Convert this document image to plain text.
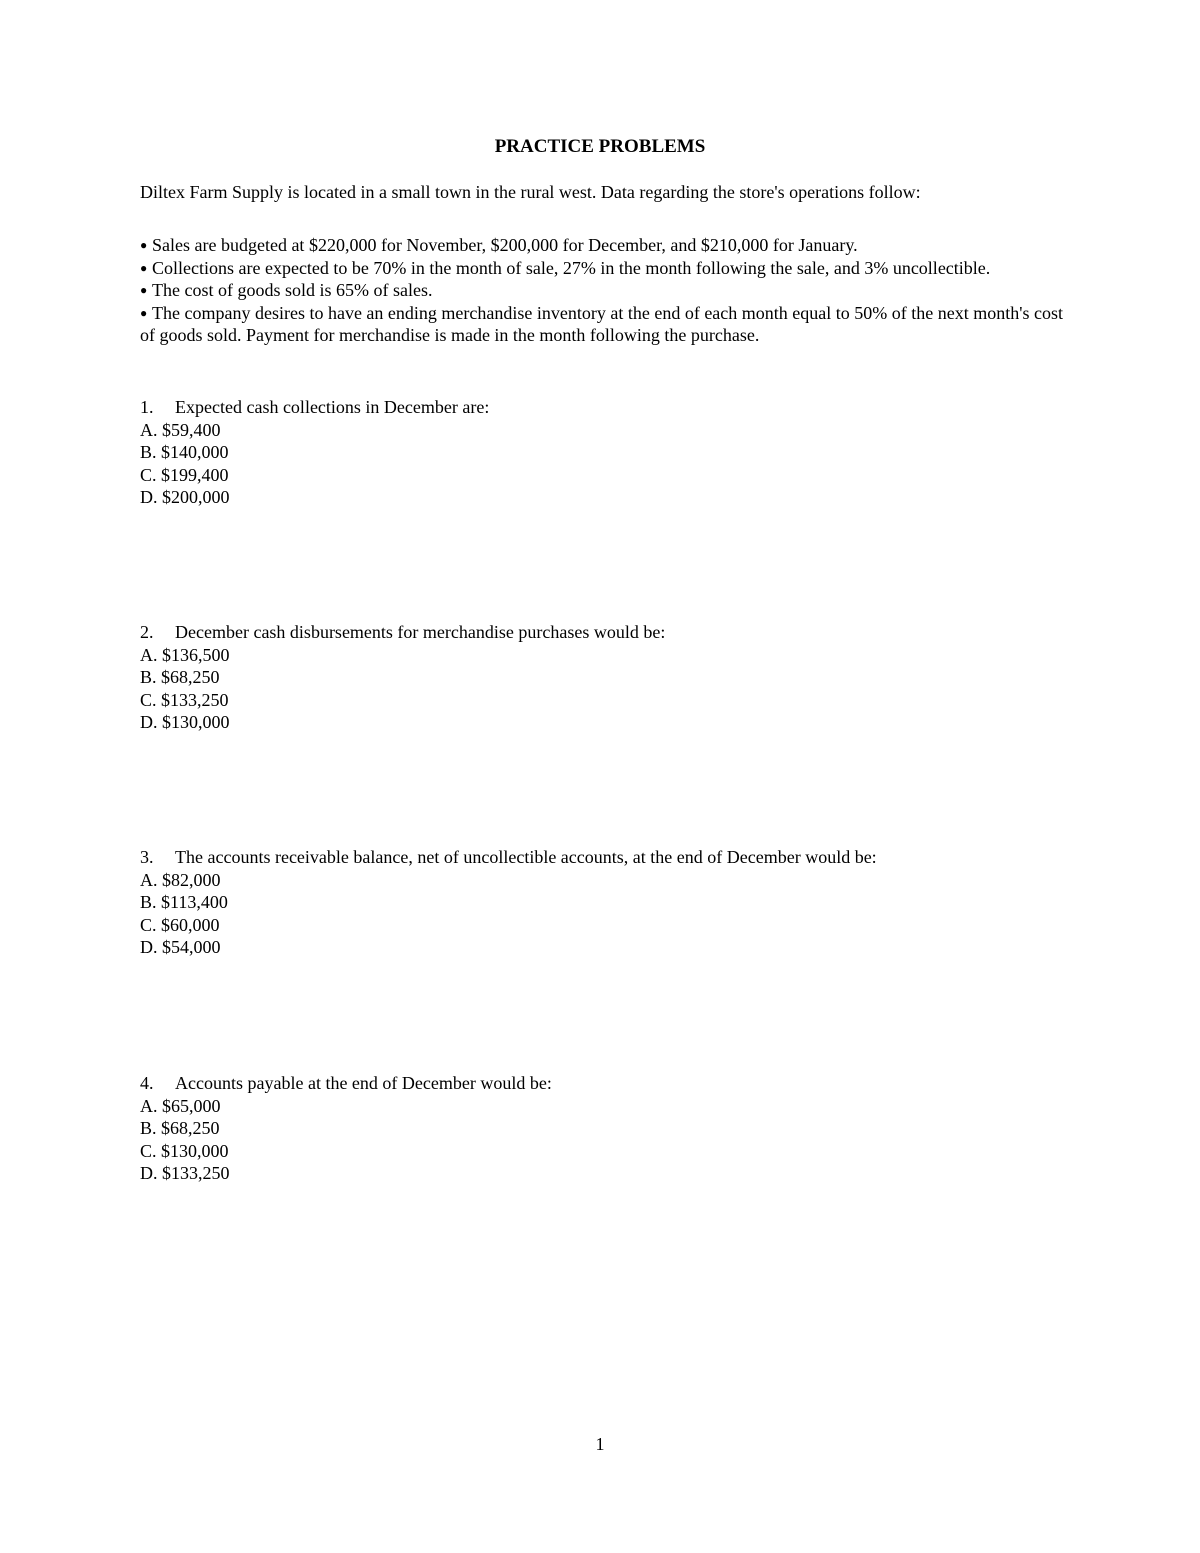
PRACTICE PROBLEMS
Diltex Farm Supply is located in a small town in the rural west. Data regarding the store's operations follow:

● Sales are budgeted at $220,000 for November, $200,000 for December, and $210,000 for January.

● Collections are expected to be 70% in the month of sale, 27% in the month following the sale, and 3% uncollectible.

● The cost of goods sold is 65% of sales.

● The company desires to have an ending merchandise inventory at the end of each month equal to 50% of the next month's cost of goods sold. Payment for merchandise is made in the month following the purchase.

1. Expected cash collections in December are:

A. $59,400

B. $140,000

C. $199,400

D. $200,000

2. December cash disbursements for merchandise purchases would be:

A. $136,500

B. $68,250

C. $133,250

D. $130,000

3. The accounts receivable balance, net of uncollectible accounts, at the end of December would be:

A. $82,000

B. $113,400

C. $60,000

D. $54,000

4. Accounts payable at the end of December would be:

A. $65,000

B. $68,250

C. $130,000

D. $133,250

1
